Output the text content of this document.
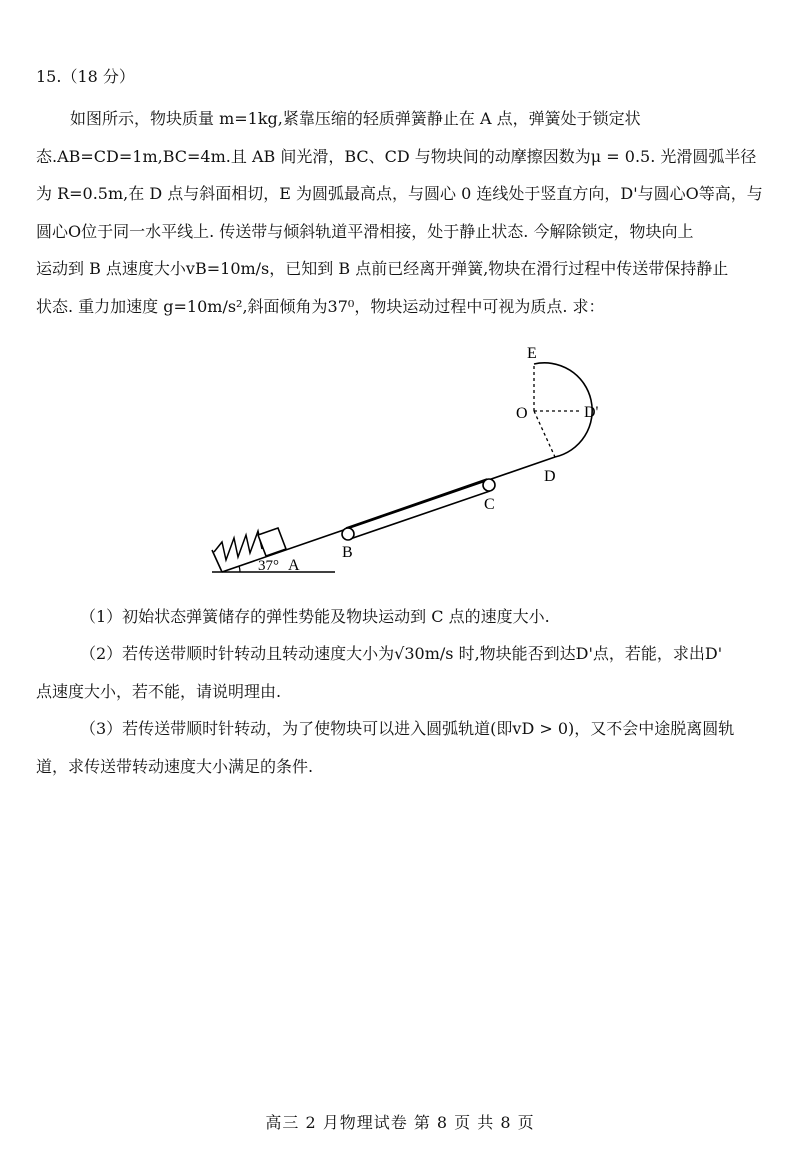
15.（18 分）
如图所示，物块质量 m=1kg,紧靠压缩的轻质弹簧静止在 A 点，弹簧处于锁定状
态.AB=CD=1m,BC=4m.且 AB 间光滑，BC、CD 与物块间的动摩擦因数为μ = 0.5. 光滑圆弧半径
为 R=0.5m,在 D 点与斜面相切，E 为圆弧最高点，与圆心 0 连线处于竖直方向，D'与圆心O等高，与
圆心O位于同一水平线上. 传送带与倾斜轨道平滑相接，处于静止状态. 今解除锁定，物块向上
运动到 B 点速度大小vB=10m/s，已知到 B 点前已经离开弹簧,物块在滑行过程中传送带保持静止
状态. 重力加速度 g=10m/s²,斜面倾角为37⁰，物块运动过程中可视为质点. 求：
E
O	D'
D
C
B
37° A
（1）初始状态弹簧储存的弹性势能及物块运动到 C 点的速度大小.
（2）若传送带顺时针转动且转动速度大小为√30m/s 时,物块能否到达D'点，若能，求出D'
点速度大小，若不能，请说明理由.
（3）若传送带顺时针转动，为了使物块可以进入圆弧轨道(即vD > 0)，又不会中途脱离圆轨
道，求传送带转动速度大小满足的条件.
高三 2 月物理试卷 第 8 页 共 8 页
